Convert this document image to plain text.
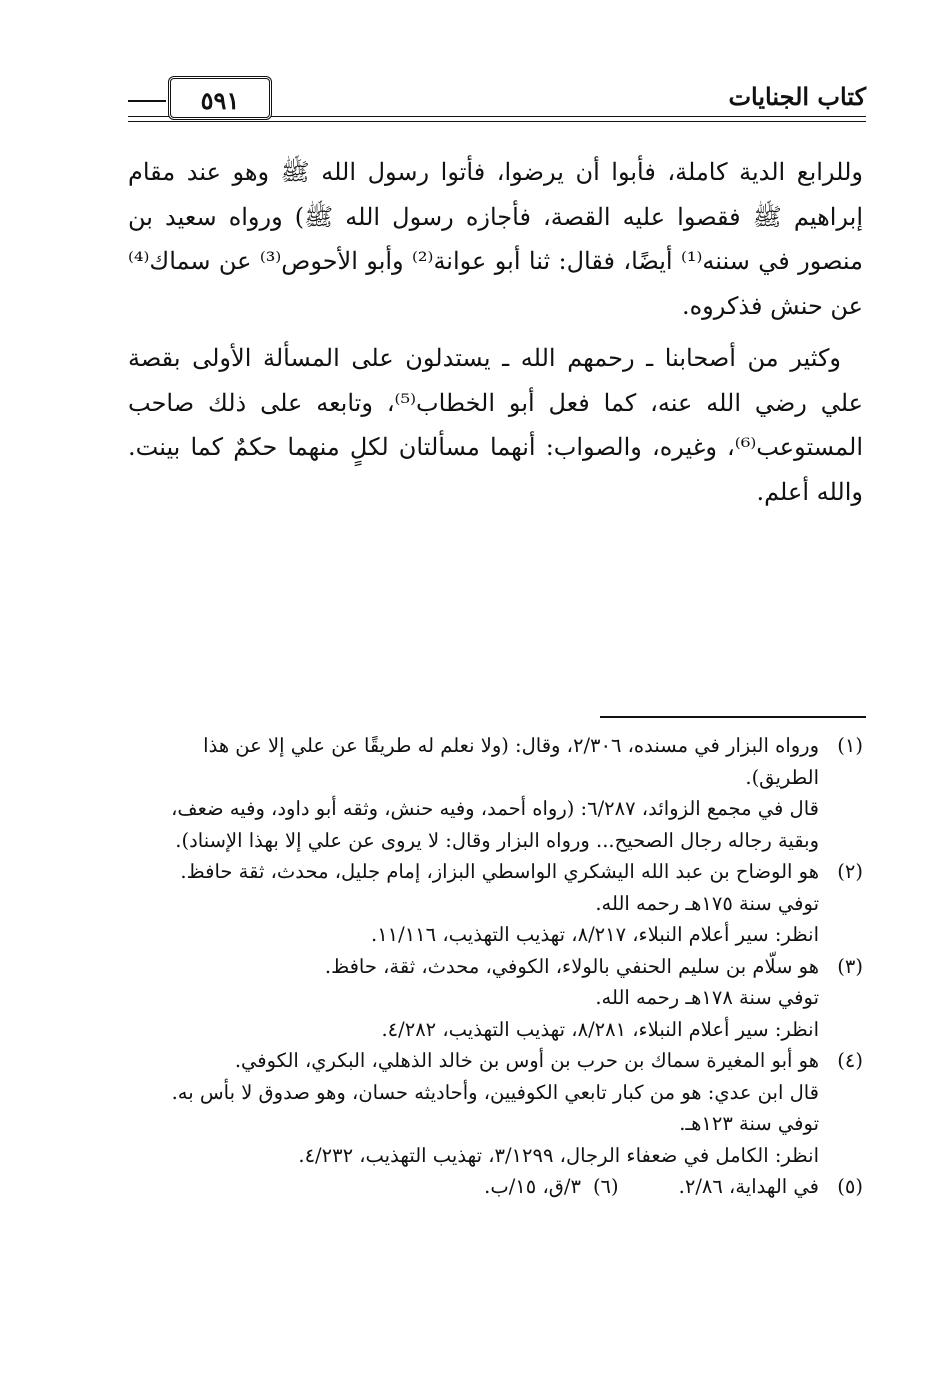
٥٩١	كتاب الجنايات

وللرابع الدية كاملة، فأبوا أن يرضوا، فأتوا رسول الله ﷺ وهو عند مقام إبراهيم ﷺ فقصوا عليه القصة، فأجازه رسول الله ﷺ) ورواه سعيد بن منصور في سننه⁽¹⁾ أيضًا، فقال: ثنا أبو عوانة⁽²⁾ وأبو الأحوص⁽³⁾ عن سماك⁽⁴⁾ عن حنش فذكروه.

وكثير من أصحابنا ـ رحمهم الله ـ يستدلون على المسألة الأولى بقصة علي رضي الله عنه، كما فعل أبو الخطاب⁽⁵⁾، وتابعه على ذلك صاحب المستوعب⁽⁶⁾، وغيره، والصواب: أنهما مسألتان لكلٍ منهما حكمٌ كما بينت. والله أعلم.

(١)
ورواه البزار في مسنده، ٢/٣٠٦، وقال: (ولا نعلم له طريقًا عن علي إلا عن هذا الطريق).
قال في مجمع الزوائد، ٦/٢٨٧: (رواه أحمد، وفيه حنش، وثقه أبو داود، وفيه ضعف، وبقية رجاله رجال الصحيح... ورواه البزار وقال: لا يروى عن علي إلا بهذا الإسناد).
(٢)
هو الوضاح بن عبد الله اليشكري الواسطي البزاز، إمام جليل، محدث، ثقة حافظ.
توفي سنة ١٧٥هـ رحمه الله.
انظر: سير أعلام النبلاء، ٨/٢١٧، تهذيب التهذيب، ١١/١١٦.
(٣)
هو سلّام بن سليم الحنفي بالولاء، الكوفي، محدث، ثقة، حافظ.
توفي سنة ١٧٨هـ رحمه الله.
انظر: سير أعلام النبلاء، ٨/٢٨١، تهذيب التهذيب، ٤/٢٨٢.
(٤)
هو أبو المغيرة سماك بن حرب بن أوس بن خالد الذهلي، البكري، الكوفي.
قال ابن عدي: هو من كبار تابعي الكوفيين، وأحاديثه حسان، وهو صدوق لا بأس به.
توفي سنة ١٢٣هـ.
انظر: الكامل في ضعفاء الرجال، ٣/١٢٩٩، تهذيب التهذيب، ٤/٢٣٢.
(٥)
في الهداية، ٢/٨٦.
(٦)
٣/ق، ١٥/ب.
